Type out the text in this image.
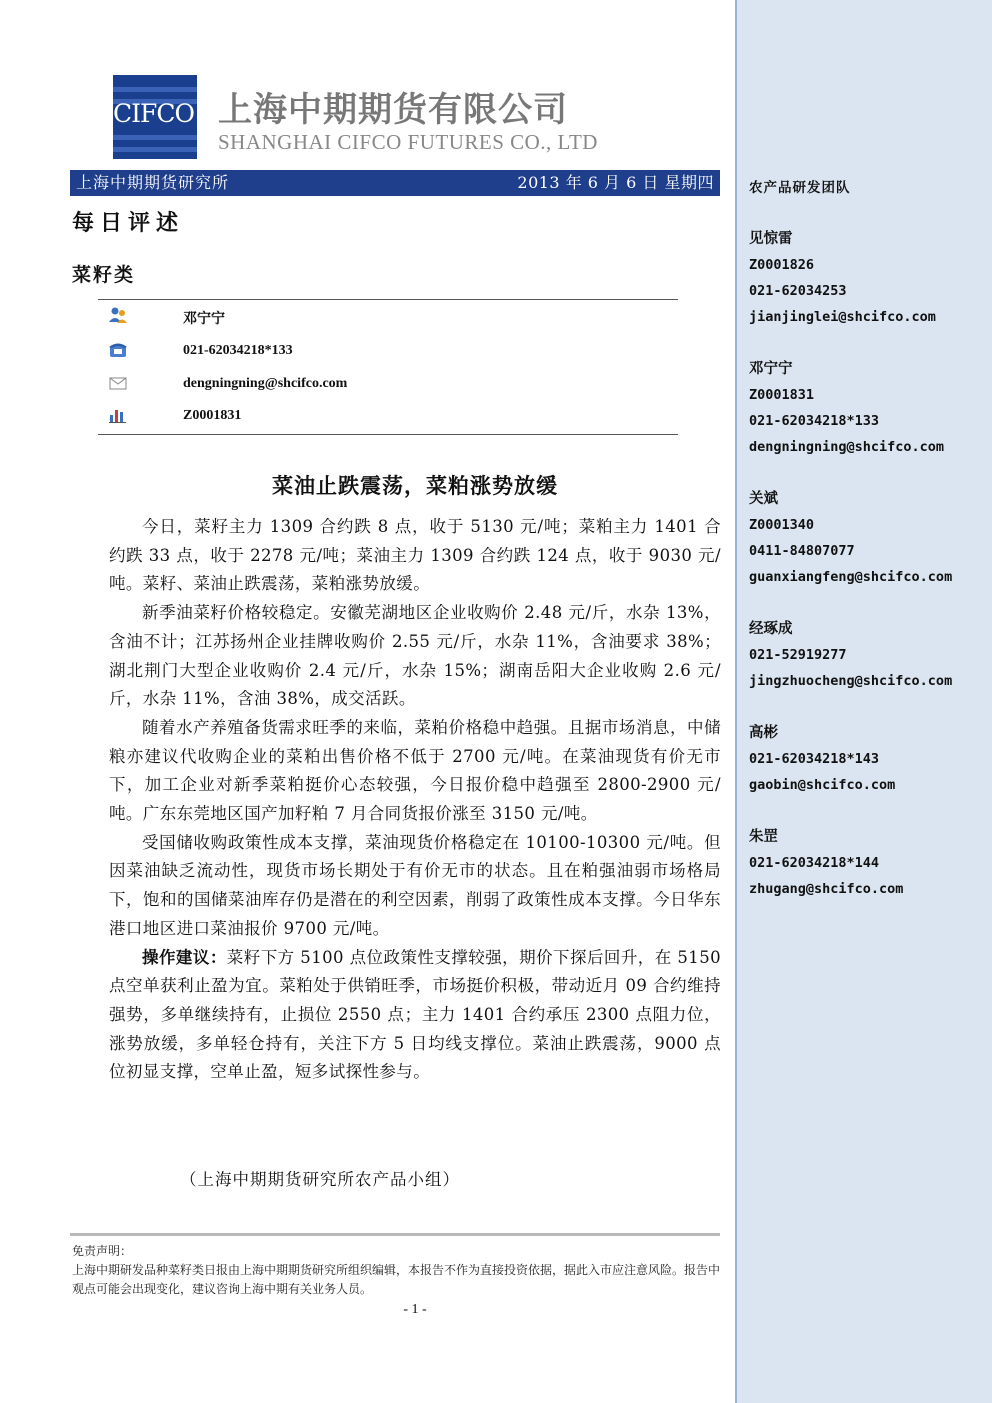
CIFCO 上海中期期货有限公司
SHANGHAI CIFCO FUTURES CO., LTD
上海中期期货研究所	2013 年 6 月 6 日 星期四
每日评述
菜籽类
邓宁宁
021-62034218*133
dengningning@shcifco.com
Z0001831
菜油止跌震荡，菜粕涨势放缓

今日，菜籽主力 1309 合约跌 8 点，收于 5130 元/吨；菜粕主力 1401 合约跌 33 点，收于 2278 元/吨；菜油主力 1309 合约跌 124 点，收于 9030 元/吨。菜籽、菜油止跌震荡，菜粕涨势放缓。

新季油菜籽价格较稳定。安徽芜湖地区企业收购价 2.48 元/斤，水杂 13%，含油不计；江苏扬州企业挂牌收购价 2.55 元/斤，水杂 11%，含油要求 38%；湖北荆门大型企业收购价 2.4 元/斤，水杂 15%；湖南岳阳大企业收购 2.6 元/斤，水杂 11%，含油 38%，成交活跃。

随着水产养殖备货需求旺季的来临，菜粕价格稳中趋强。且据市场消息，中储粮亦建议代收购企业的菜粕出售价格不低于 2700 元/吨。在菜油现货有价无市下，加工企业对新季菜粕挺价心态较强，今日报价稳中趋强至 2800-2900 元/吨。广东东莞地区国产加籽粕 7 月合同货报价涨至 3150 元/吨。

受国储收购政策性成本支撑，菜油现货价格稳定在 10100-10300 元/吨。但因菜油缺乏流动性，现货市场长期处于有价无市的状态。且在粕强油弱市场格局下，饱和的国储菜油库存仍是潜在的利空因素，削弱了政策性成本支撑。今日华东港口地区进口菜油报价 9700 元/吨。

操作建议：菜籽下方 5100 点位政策性支撑较强，期价下探后回升，在 5150 点空单获利止盈为宜。菜粕处于供销旺季，市场挺价积极，带动近月 09 合约维持强势，多单继续持有，止损位 2550 点；主力 1401 合约承压 2300 点阻力位，涨势放缓，多单轻仓持有，关注下方 5 日均线支撑位。菜油止跌震荡，9000 点位初显支撑，空单止盈，短多试探性参与。

（上海中期期货研究所农产品小组）
免责声明：
上海中期研发品种菜籽类日报由上海中期期货研究所组织编辑，本报告不作为直接投资依据，据此入市应注意风险。报告中观点可能会出现变化，建议咨询上海中期有关业务人员。
- 1 -
农产品研发团队
见惊雷
Z0001826
021-62034253
jianjinglei@shcifco.com
邓宁宁
Z0001831
021-62034218*133
dengningning@shcifco.com
关斌
Z0001340
0411-84807077
guanxiangfeng@shcifco.com
经琢成
021-52919277
jingzhuocheng@shcifco.com
高彬
021-62034218*143
gaobin@shcifco.com
朱罡
021-62034218*144
zhugang@shcifco.com
